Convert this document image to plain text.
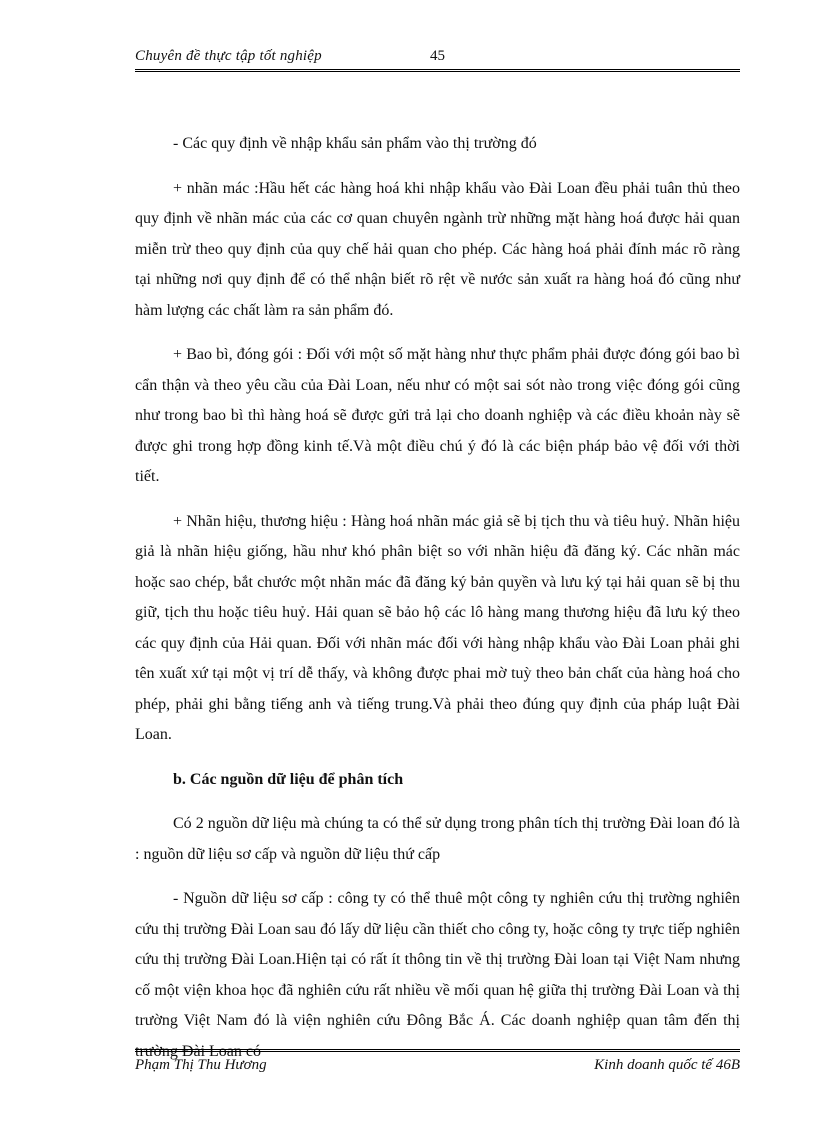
Chuyên đề thực tập tốt nghiệp	45

- Các quy định về nhập khẩu sản phẩm vào thị trường đó

+ nhãn mác :Hầu hết các hàng hoá khi nhập khẩu vào Đài Loan đều phải tuân thủ theo quy định về nhãn mác của các cơ quan chuyên ngành trừ những mặt hàng hoá được hải quan miễn trừ theo quy định của quy chế hải quan cho phép. Các hàng hoá phải đính mác rõ ràng tại những nơi quy định để có thể nhận biết rõ rệt về nước sản xuất ra hàng hoá đó cũng như hàm lượng các chất làm ra sản phẩm đó.

+ Bao bì, đóng gói : Đối với một số mặt hàng như thực phẩm phải được đóng gói bao bì cẩn thận và theo yêu cầu của Đài Loan, nếu như có một sai sót nào trong việc đóng gói cũng như trong bao bì thì hàng hoá sẽ được gửi trả lại cho doanh nghiệp và các điều khoản này sẽ được ghi trong hợp đồng kinh tế.Và một điều chú ý đó là các biện pháp bảo vệ đối với thời tiết.

+ Nhãn hiệu, thương hiệu : Hàng hoá nhãn mác giả sẽ bị tịch thu và tiêu huỷ. Nhãn hiệu giả là nhãn hiệu giống, hầu như khó phân biệt so với nhãn hiệu đã đăng ký. Các nhãn mác hoặc sao chép, bắt chước một nhãn mác đã đăng ký bản quyền và lưu ký tại hải quan sẽ bị thu giữ, tịch thu hoặc tiêu huỷ. Hải quan sẽ bảo hộ các lô hàng mang thương hiệu đã lưu ký theo các quy định của Hải quan. Đối với nhãn mác đối với hàng nhập khẩu vào Đài Loan phải ghi tên xuất xứ tại một vị trí dễ thấy, và không được phai mờ tuỳ theo bản chất của hàng hoá cho phép, phải ghi bằng tiếng anh và tiếng trung.Và phải theo đúng quy định của pháp luật Đài Loan.

b. Các nguồn dữ liệu để phân tích

Có 2 nguồn dữ liệu mà chúng ta có thể sử dụng trong phân tích thị trường Đài loan đó là : nguồn dữ liệu sơ cấp và nguồn dữ liệu thứ cấp

- Nguồn dữ liệu sơ cấp : công ty có thể thuê một công ty nghiên cứu thị trường nghiên cứu thị trường Đài Loan sau đó lấy dữ liệu cần thiết cho công ty, hoặc công ty trực tiếp nghiên cứu thị trường Đài Loan.Hiện tại có rất ít thông tin về thị trường Đài loan tại Việt Nam nhưng cố một viện khoa học đã nghiên cứu rất nhiều về mối quan hệ giữa thị trường Đài Loan và thị trường Việt Nam đó là viện nghiên cứu Đông Bắc Á. Các doanh nghiệp quan tâm đến thị trường Đài Loan có

Phạm Thị Thu Hương	Kinh doanh quốc tế 46B
